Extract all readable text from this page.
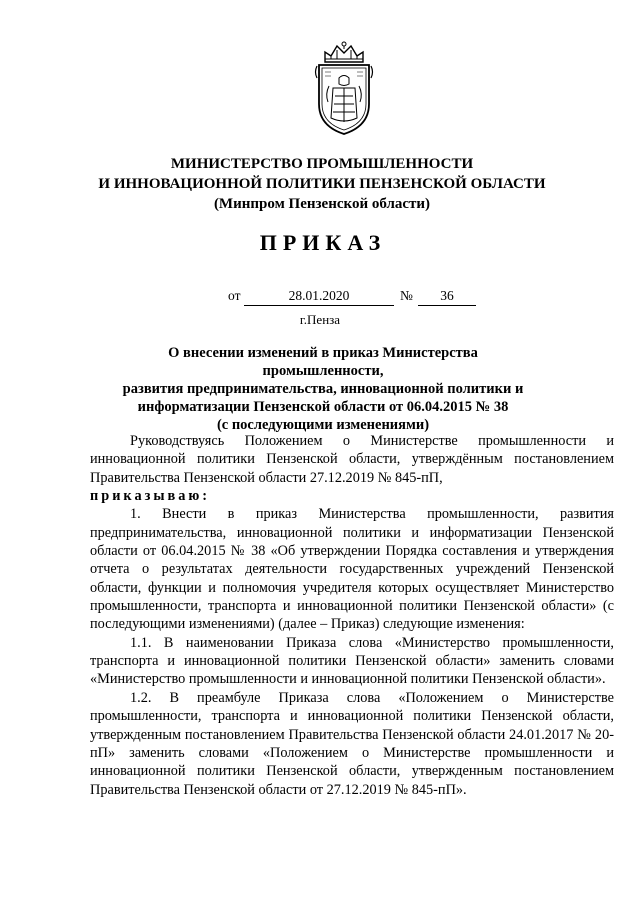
МИНИСТЕРСТВО ПРОМЫШЛЕННОСТИ
И ИННОВАЦИОННОЙ ПОЛИТИКИ ПЕНЗЕНСКОЙ ОБЛАСТИ
(Минпром Пензенской области)
ПРИКАЗ
от	28.01.2020	№	36
г.Пенза
О внесении изменений в приказ Министерства промышленности,
развития предпринимательства, инновационной политики и
информатизации Пензенской области от 06.04.2015 № 38
(с последующими изменениями)

Руководствуясь Положением о Министерстве промышленности и инновационной политики Пензенской области, утверждённым постановлением Правительства Пензенской области 27.12.2019 № 845-пП,

приказываю:

1. Внести в приказ Министерства промышленности, развития предпринимательства, инновационной политики и информатизации Пензенской области от 06.04.2015 № 38 «Об утверждении Порядка составления и утверждения отчета о результатах деятельности государственных учреждений Пензенской области, функции и полномочия учредителя которых осуществляет Министерство промышленности, транспорта и инновационной политики Пензенской области» (с последующими изменениями) (далее – Приказ) следующие изменения:

1.1. В наименовании Приказа слова «Министерство промышленности, транспорта и инновационной политики Пензенской области» заменить словами «Министерство промышленности и инновационной политики Пензенской области».

1.2. В преамбуле Приказа слова «Положением о Министерстве промышленности, транспорта и инновационной политики Пензенской области, утвержденным постановлением Правительства Пензенской области 24.01.2017 № 20-пП» заменить словами «Положением о Министерстве промышленности и инновационной политики Пензенской области, утвержденным постановлением Правительства Пензенской области от 27.12.2019 № 845-пП».
